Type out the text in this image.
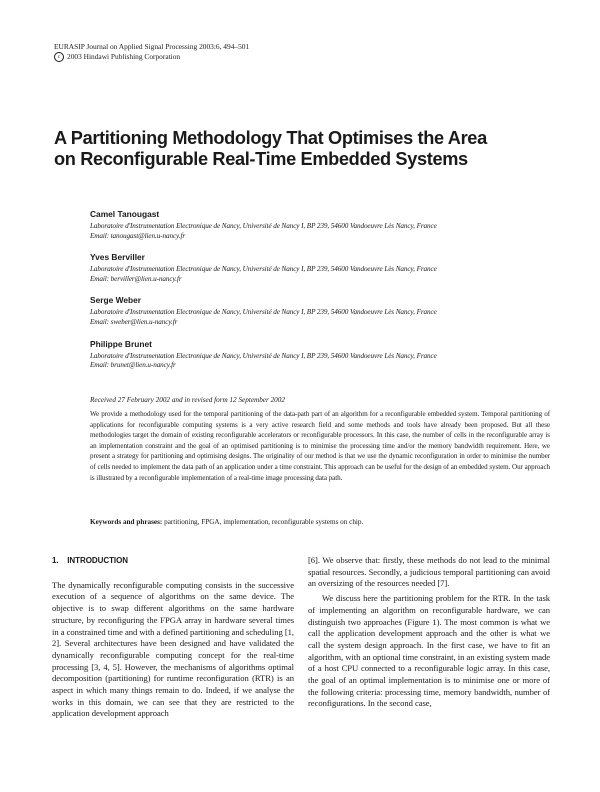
EURASIP Journal on Applied Signal Processing 2003:6, 494–501
c 2003 Hindawi Publishing Corporation
A Partitioning Methodology That Optimises the Area
on Reconfigurable Real-Time Embedded Systems
Camel Tanougast
Laboratoire d'Instrumentation Electronique de Nancy, Université de Nancy I, BP 239, 54600 Vandoeuvre Lès Nancy, France
Email: tanougast@lien.u-nancy.fr
Yves Berviller
Laboratoire d'Instrumentation Electronique de Nancy, Université de Nancy I, BP 239, 54600 Vandoeuvre Lès Nancy, France
Email: berviller@lien.u-nancy.fr
Serge Weber
Laboratoire d'Instrumentation Electronique de Nancy, Université de Nancy I, BP 239, 54600 Vandoeuvre Lès Nancy, France
Email: sweber@lien.u-nancy.fr
Philippe Brunet
Laboratoire d'Instrumentation Electronique de Nancy, Université de Nancy I, BP 239, 54600 Vandoeuvre Lès Nancy, France
Email: brunet@lien.u-nancy.fr
Received 27 February 2002 and in revised form 12 September 2002
We provide a methodology used for the temporal partitioning of the data-path part of an algorithm for a reconfigurable embedded system. Temporal partitioning of applications for reconfigurable computing systems is a very active research field and some methods and tools have already been proposed. But all these methodologies target the domain of existing reconfigurable accelerators or reconfigurable processors. In this case, the number of cells in the reconfigurable array is an implementation constraint and the goal of an optimised partitioning is to minimise the processing time and/or the memory bandwidth requirement. Here, we present a strategy for partitioning and optimising designs. The originality of our method is that we use the dynamic reconfiguration in order to minimise the number of cells needed to implement the data path of an application under a time constraint. This approach can be useful for the design of an embedded system. Our approach is illustrated by a reconfigurable implementation of a real-time image processing data path.
Keywords and phrases: partitioning, FPGA, implementation, reconfigurable systems on chip.
1.    INTRODUCTION

The dynamically reconfigurable computing consists in the successive execution of a sequence of algorithms on the same device. The objective is to swap different algorithms on the same hardware structure, by reconfiguring the FPGA array in hardware several times in a constrained time and with a defined partitioning and scheduling [1, 2]. Several architectures have been designed and have validated the dynamically reconfigurable computing concept for the real-time processing [3, 4, 5]. However, the mechanisms of algorithms optimal decomposition (partitioning) for runtime reconfiguration (RTR) is an aspect in which many things remain to do. Indeed, if we analyse the works in this domain, we can see that they are restricted to the application development approach

[6]. We observe that: firstly, these methods do not lead to the minimal spatial resources. Secondly, a judicious temporal partitioning can avoid an oversizing of the resources needed [7].

We discuss here the partitioning problem for the RTR. In the task of implementing an algorithm on reconfigurable hardware, we can distinguish two approaches (Figure 1). The most common is what we call the application development approach and the other is what we call the system design approach. In the first case, we have to fit an algorithm, with an optional time constraint, in an existing system made of a host CPU connected to a reconfigurable logic array. In this case, the goal of an optimal implementation is to minimise one or more of the following criteria: processing time, memory bandwidth, number of reconfigurations. In the second case,
